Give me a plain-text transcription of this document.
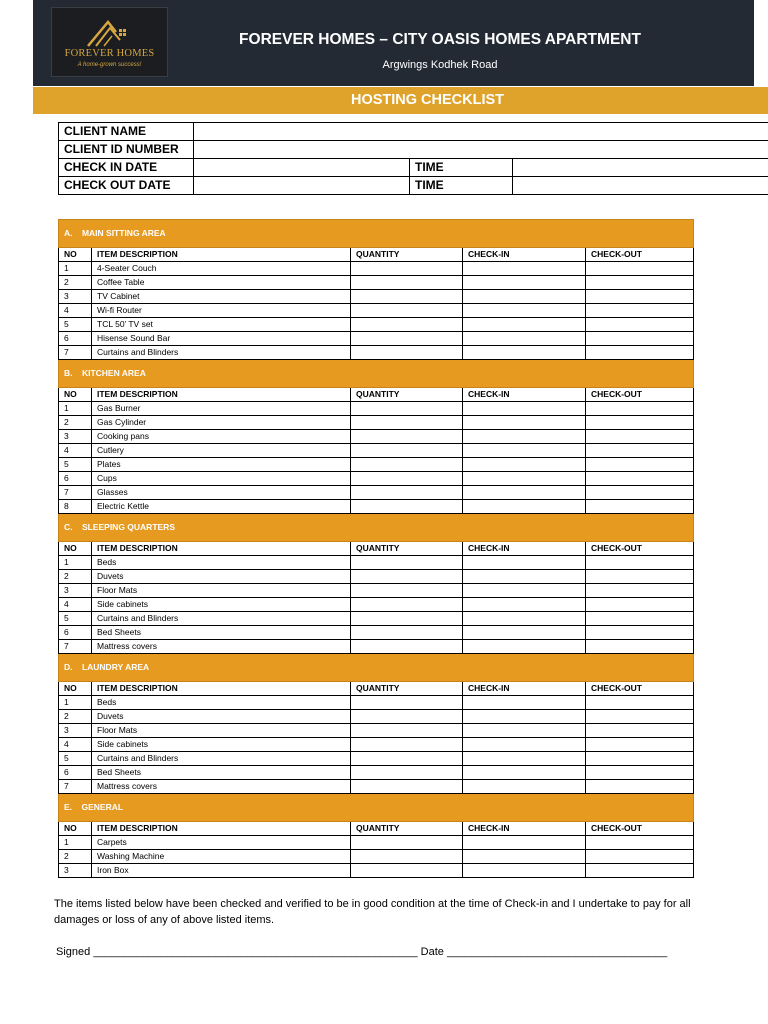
FOREVER HOMES
A home-grown success!
FOREVER HOMES – CITY OASIS HOMES APARTMENT
Argwings Kodhek Road
HOSTING CHECKLIST
CLIENT NAME			
CLIENT ID NUMBER			
CHECK IN DATE		TIME	
CHECK OUT DATE		TIME	
A.    MAIN SITTING AREA				
NO	ITEM DESCRIPTION	QUANTITY	CHECK-IN	CHECK-OUT
1	4-Seater Couch			
2	Coffee Table			
3	TV Cabinet			
4	Wi-fi Router			
5	TCL 50’ TV set			
6	Hisense Sound Bar			
7	Curtains and Blinders			
B.    KITCHEN AREA				
NO	ITEM DESCRIPTION	QUANTITY	CHECK-IN	CHECK-OUT
1	Gas Burner			
2	Gas Cylinder			
3	Cooking pans			
4	Cutlery			
5	Plates			
6	Cups			
7	Glasses			
8	Electric Kettle			
C.    SLEEPING QUARTERS				
NO	ITEM DESCRIPTION	QUANTITY	CHECK-IN	CHECK-OUT
1	Beds			
2	Duvets			
3	Floor Mats			
4	Side cabinets			
5	Curtains and Blinders			
6	Bed Sheets			
7	Mattress covers			
D.    LAUNDRY AREA				
NO	ITEM DESCRIPTION	QUANTITY	CHECK-IN	CHECK-OUT
1	Beds			
2	Duvets			
3	Floor Mats			
4	Side cabinets			
5	Curtains and Blinders			
6	Bed Sheets			
7	Mattress covers			
E.    GENERAL				
NO	ITEM DESCRIPTION	QUANTITY	CHECK-IN	CHECK-OUT
1	Carpets			
2	Washing Machine			
3	Iron Box			
The items listed below have been checked and verified to be in good condition at the time of Check-in and I undertake to pay for all damages or loss of any of above listed items.
Signed _____________________________________________________ Date ____________________________________
